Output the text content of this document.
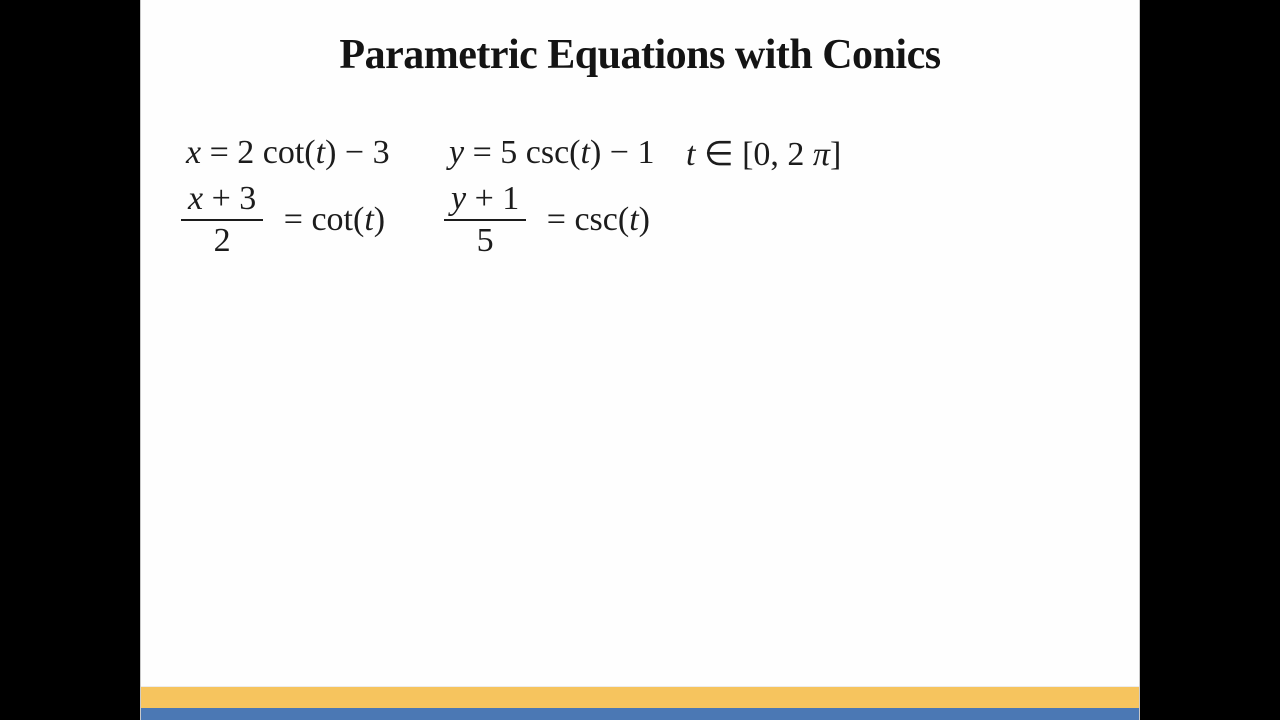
Parametric Equations with Conics
x = 2 cot(t) − 3 y = 5 csc(t) − 1 t ∈ [0, 2 π]
$\frac{x + 3}{2} = \cot(t) \frac{y + 1}{5} = \csc(t)$
